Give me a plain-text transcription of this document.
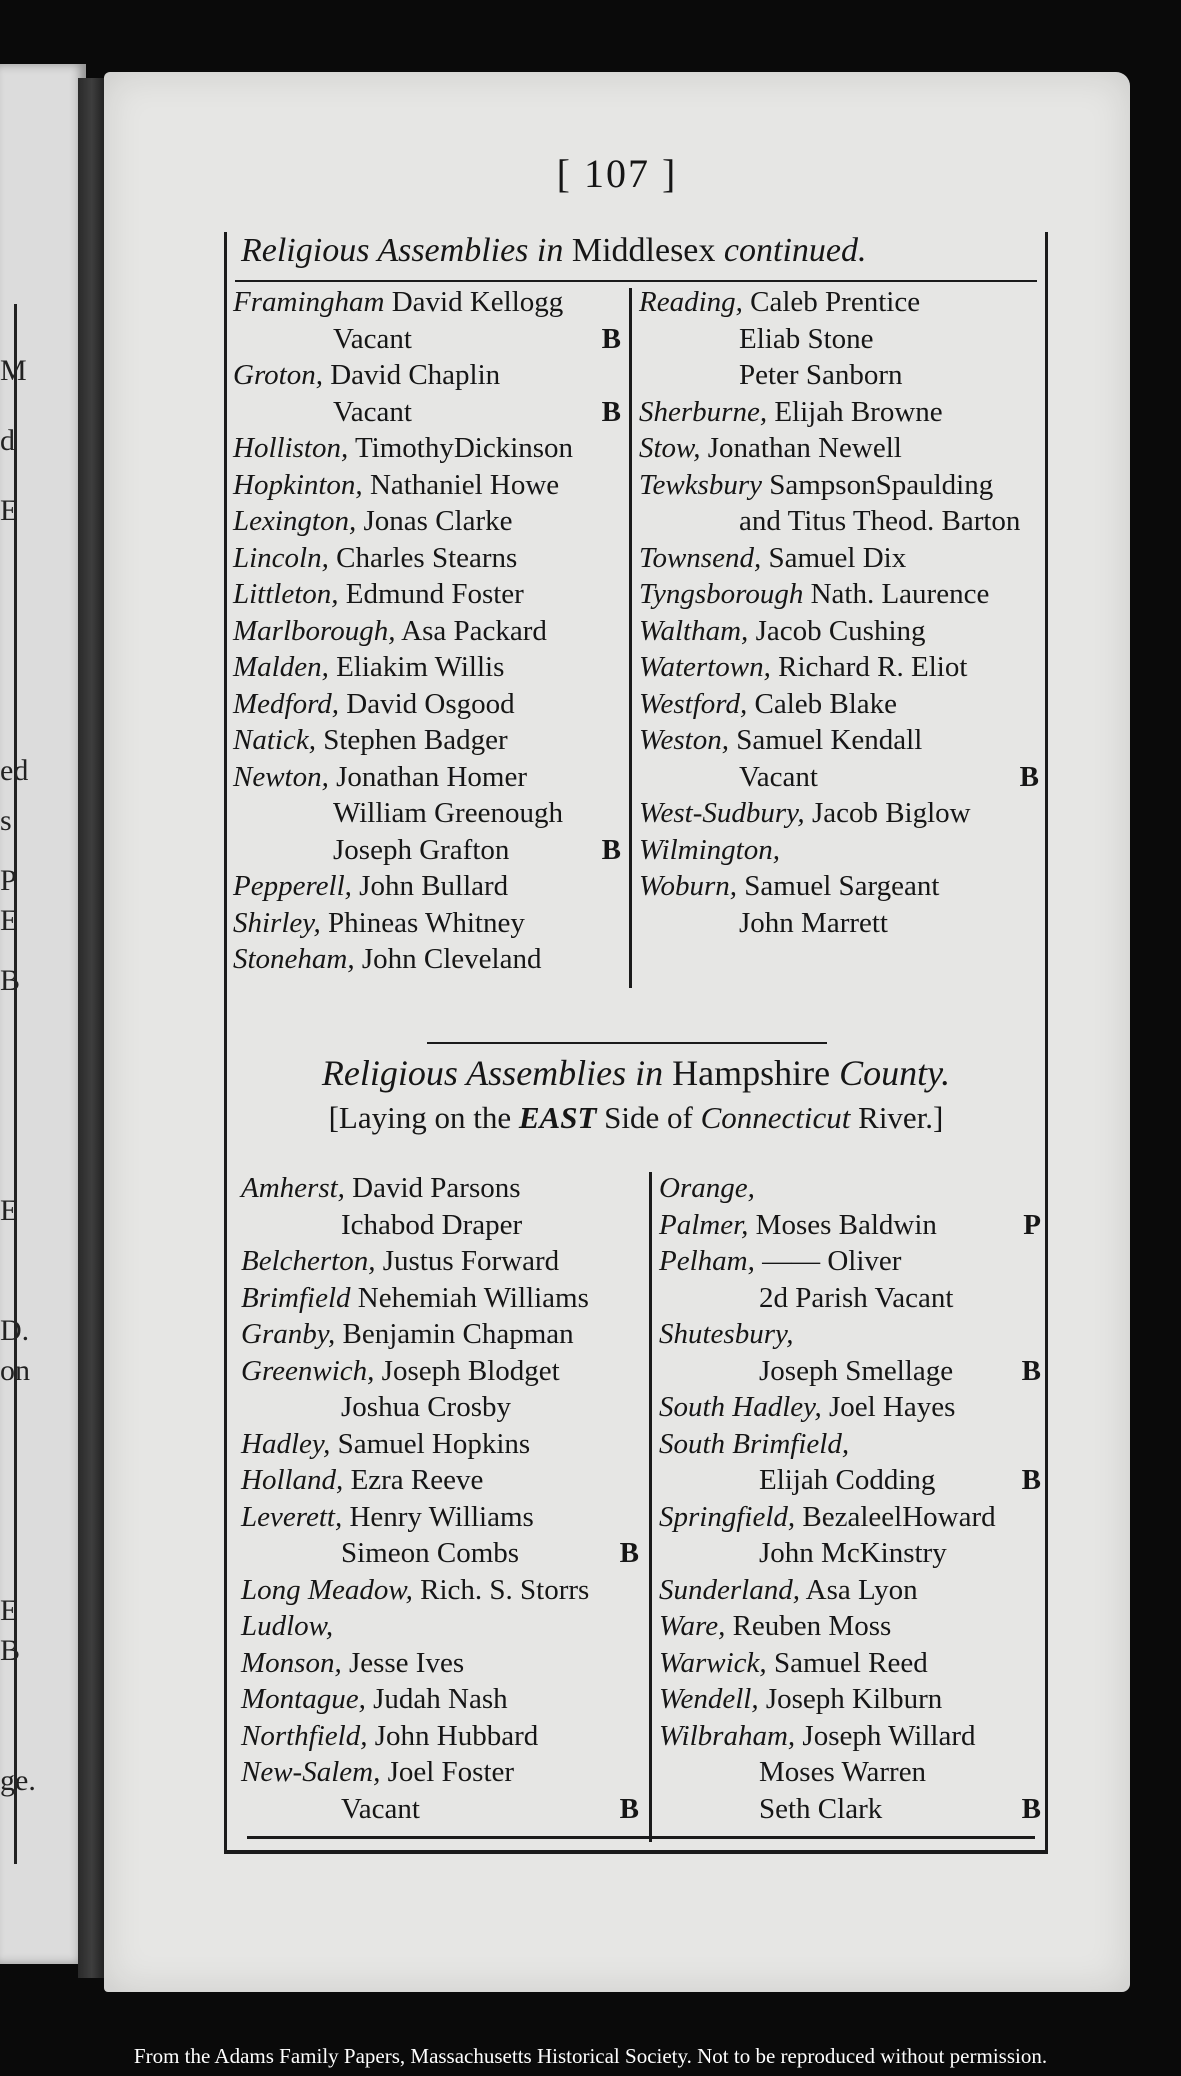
M
d
E
ed
s
P
E
B
E
D.
on
E
B
ge.
[ 107 ]
Religious Assemblies in Middlesex continued.
Framingham David Kellogg
Vacant	B
Groton, David Chaplin
Vacant	B
Holliston, TimothyDickinson
Hopkinton, Nathaniel Howe
Lexington, Jonas Clarke
Lincoln, Charles Stearns
Littleton, Edmund Foster
Marlborough, Asa Packard
Malden, Eliakim Willis
Medford, David Osgood
Natick, Stephen Badger
Newton, Jonathan Homer
William Greenough
Joseph Grafton	B
Pepperell, John Bullard
Shirley, Phineas Whitney
Stoneham, John Cleveland
Reading, Caleb Prentice
Eliab Stone
Peter Sanborn
Sherburne, Elijah Browne
Stow, Jonathan Newell
Tewksbury SampsonSpaulding
and Titus Theod. Barton
Townsend, Samuel Dix
Tyngsborough Nath. Laurence
Waltham, Jacob Cushing
Watertown, Richard R. Eliot
Westford, Caleb Blake
Weston, Samuel Kendall
Vacant	B
West-Sudbury, Jacob Biglow
Wilmington,
Woburn, Samuel Sargeant
John Marrett
Religious Assemblies in Hampshire County.
[Laying on the EAST Side of Connecticut River.]
Amherst, David Parsons
Ichabod Draper
Belcherton, Justus Forward
Brimfield Nehemiah Williams
Granby, Benjamin Chapman
Greenwich, Joseph Blodget
Joshua Crosby
Hadley, Samuel Hopkins
Holland, Ezra Reeve
Leverett, Henry Williams
Simeon Combs	B
Long Meadow, Rich. S. Storrs
Ludlow,
Monson, Jesse Ives
Montague, Judah Nash
Northfield, John Hubbard
New-Salem, Joel Foster
Vacant	B
Orange,
Palmer, Moses Baldwin	P
Pelham, —— Oliver
2d Parish Vacant
Shutesbury,
Joseph Smellage B
South Hadley, Joel Hayes
South Brimfield,
Elijah Codding	B
Springfield, BezaleelHoward
John McKinstry
Sunderland, Asa Lyon
Ware, Reuben Moss
Warwick, Samuel Reed
Wendell, Joseph Kilburn
Wilbraham, Joseph Willard
Moses Warren
Seth Clark	B
From the Adams Family Papers, Massachusetts Historical Society. Not to be reproduced without permission.
